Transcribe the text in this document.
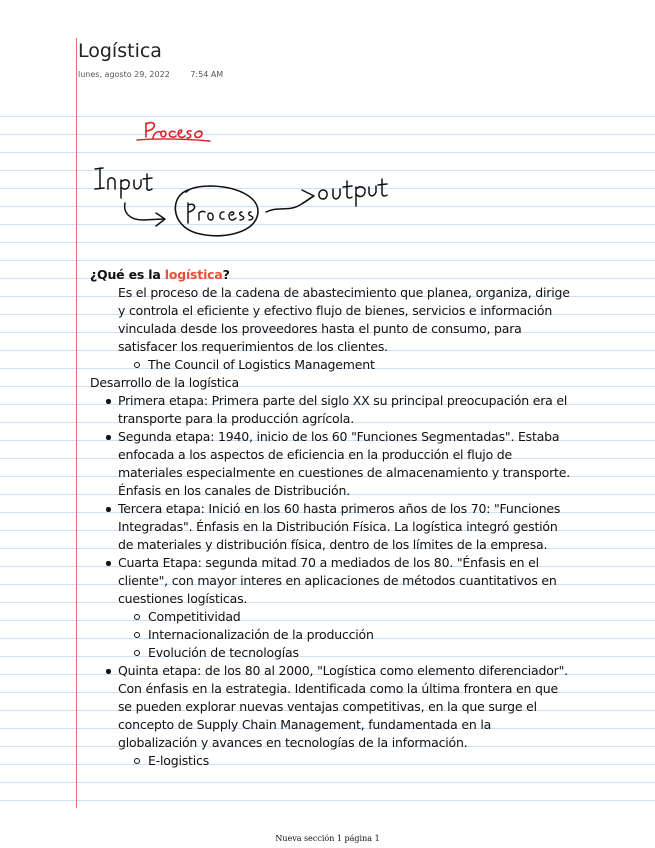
Logística
lunes, agosto 29, 2022	7:54 AM

¿Qué es la logística?

Es el proceso de la cadena de abastecimiento que planea, organiza, dirige y controla el eficiente y efectivo flujo de bienes, servicios e información vinculada desde los proveedores hasta el punto de consumo, para satisfacer los requerimientos de los clientes.

The Council of Logistics Management

Desarrollo de la logística

Primera etapa: Primera parte del siglo XX su principal preocupación era el transporte para la producción agrícola.
Segunda etapa: 1940, inicio de los 60 "Funciones Segmentadas". Estaba enfocada a los aspectos de eficiencia en la producción el flujo de materiales especialmente en cuestiones de almacenamiento y transporte. Énfasis en los canales de Distribución.
Tercera etapa: Inició en los 60 hasta primeros años de los 70: "Funciones Integradas". Énfasis en la Distribución Física. La logística integró gestión de materiales y distribución física, dentro de los límites de la empresa.
Cuarta Etapa: segunda mitad 70 a mediados de los 80. "Énfasis en el cliente", con mayor interes en aplicaciones de métodos cuantitativos en cuestiones logísticas.
Competitividad
Internacionalización de la producción
Evolución de tecnologías
Quinta etapa: de los 80 al 2000, "Logística como elemento diferenciador". Con énfasis en la estrategia. Identificada como la última frontera en que se pueden explorar nuevas ventajas competitivas, en la que surge el concepto de Supply Chain Management, fundamentada en la globalización y avances en tecnologías de la información.
E-logistics
Nueva sección 1 página 1
